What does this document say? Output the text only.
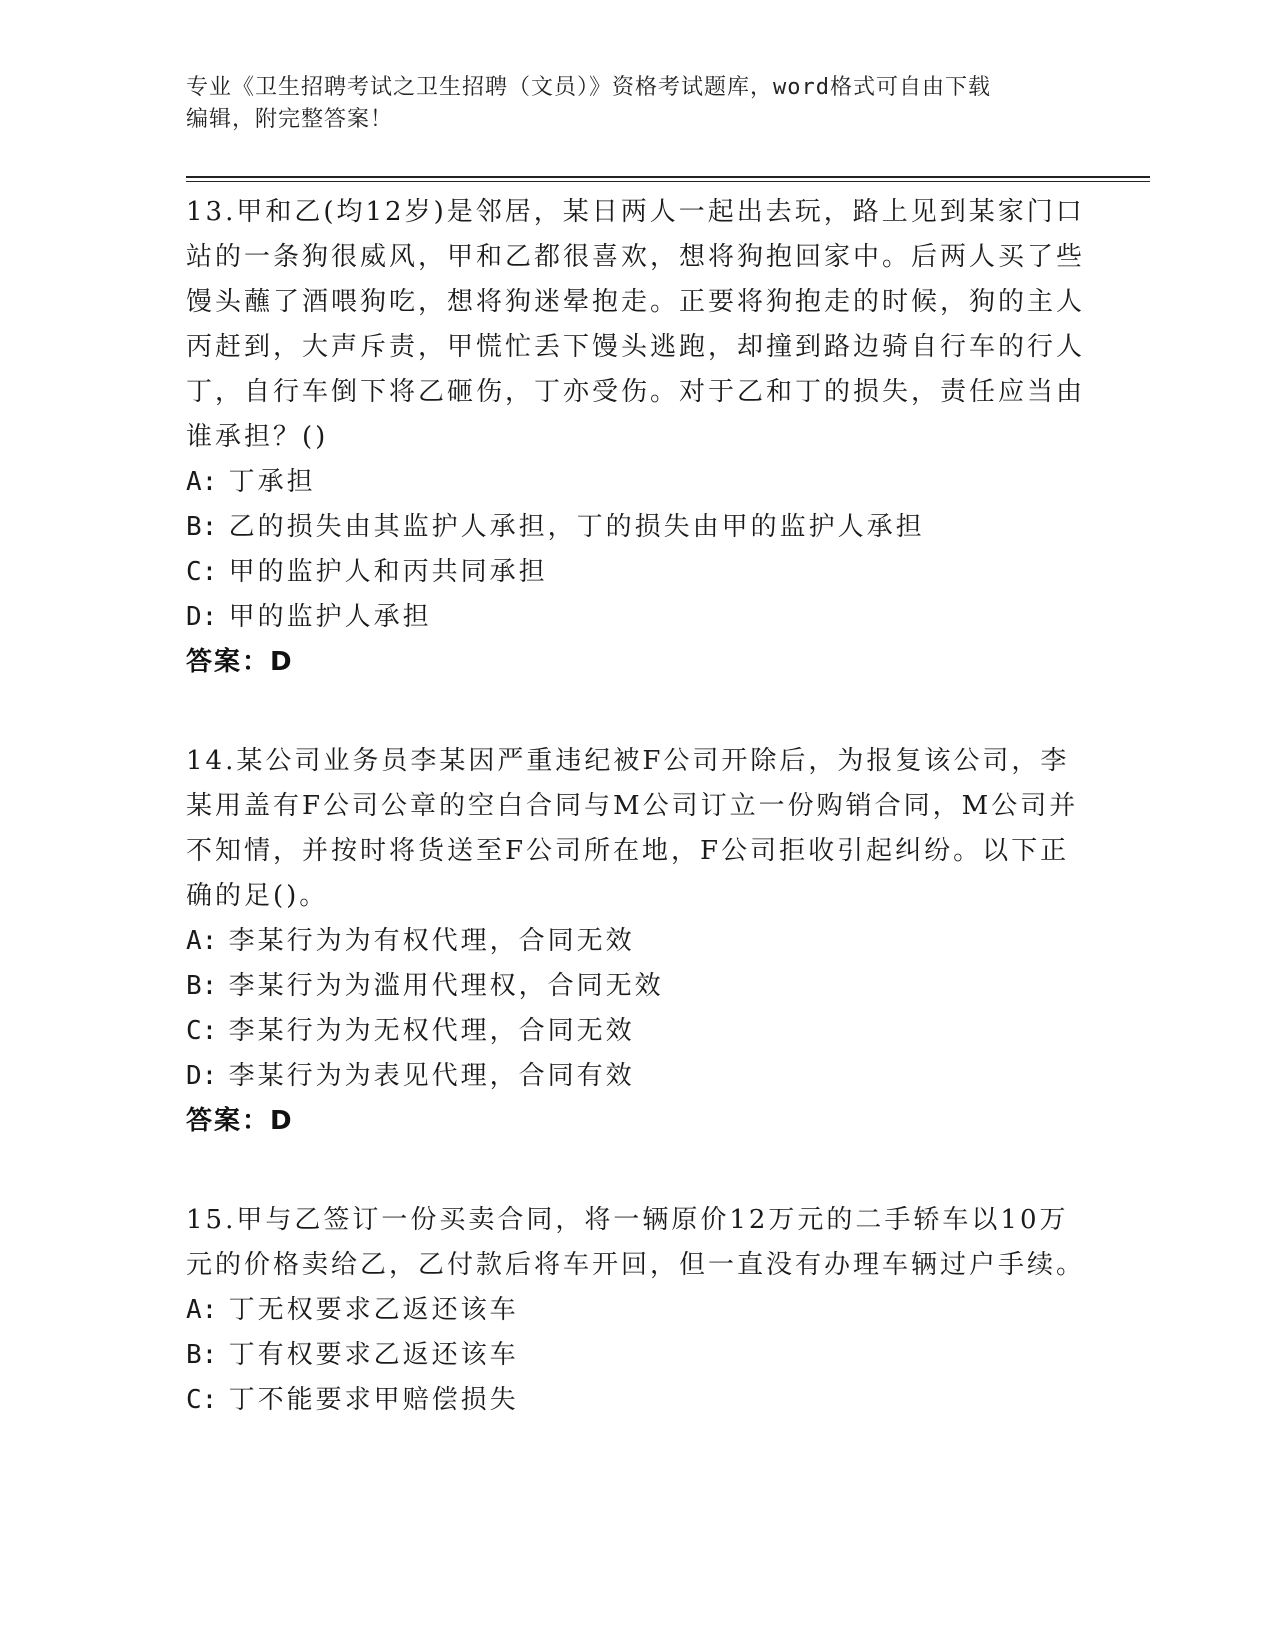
专业《卫生招聘考试之卫生招聘（文员）》资格考试题库，word格式可自由下载
编辑，附完整答案！

13.甲和乙(均12岁)是邻居，某日两人一起出去玩，路上见到某家门口站的一条狗很威风，甲和乙都很喜欢，想将狗抱回家中。后两人买了些馒头蘸了酒喂狗吃，想将狗迷晕抱走。正要将狗抱走的时候，狗的主人丙赶到，大声斥责，甲慌忙丢下馒头逃跑，却撞到路边骑自行车的行人丁，自行车倒下将乙砸伤，丁亦受伤。对于乙和丁的损失，责任应当由谁承担？()

A: 丁承担

B: 乙的损失由其监护人承担，丁的损失由甲的监护人承担

C: 甲的监护人和丙共同承担

D: 甲的监护人承担

答案：D

14.某公司业务员李某因严重违纪被F公司开除后，为报复该公司，李某用盖有F公司公章的空白合同与M公司订立一份购销合同，M公司并不知情，并按时将货送至F公司所在地，F公司拒收引起纠纷。以下正确的足()。

A: 李某行为为有权代理，合同无效

B: 李某行为为滥用代理权，合同无效

C: 李某行为为无权代理，合同无效

D: 李某行为为表见代理，合同有效

答案：D

15.甲与乙签订一份买卖合同，将一辆原价12万元的二手轿车以10万元的价格卖给乙，乙付款后将车开回，但一直没有办理车辆过户手续。

A: 丁无权要求乙返还该车

B: 丁有权要求乙返还该车

C: 丁不能要求甲赔偿损失
